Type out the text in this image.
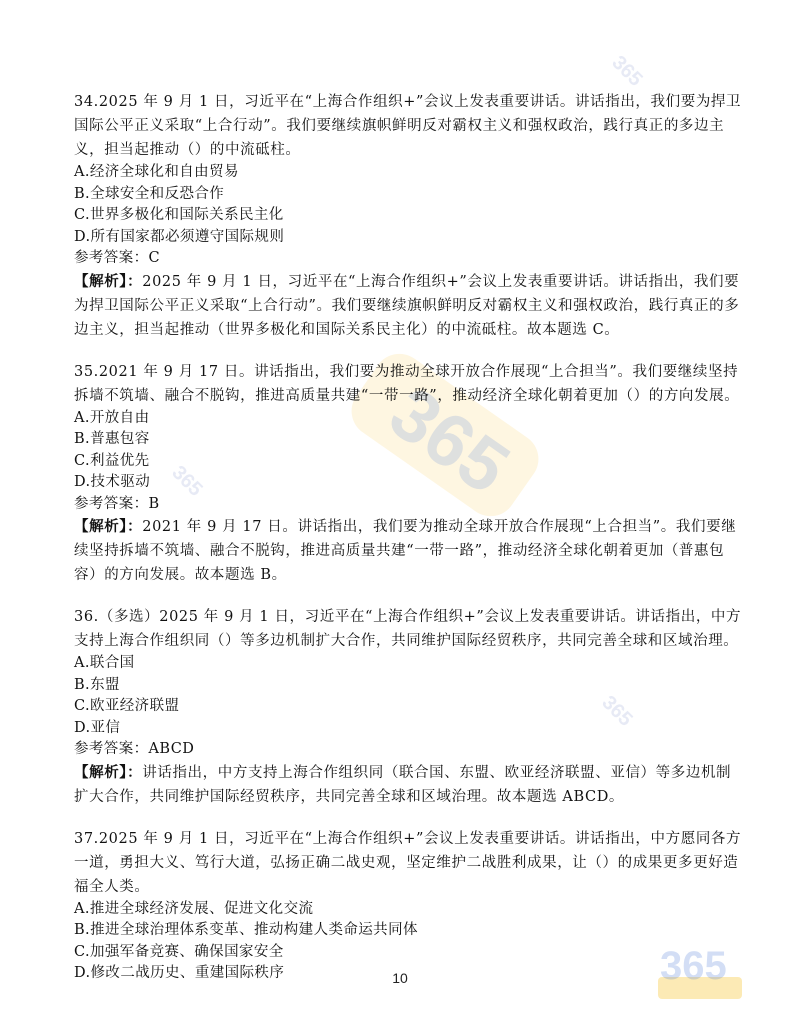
365
365
365
365
365

34.2025 年 9 月 1 日，习近平在“上海合作组织+”会议上发表重要讲话。讲话指出，我们要为捍卫国际公平正义采取“上合行动”。我们要继续旗帜鲜明反对霸权主义和强权政治，践行真正的多边主义，担当起推动（）的中流砥柱。

A.经济全球化和自由贸易

B.全球安全和反恐合作

C.世界多极化和国际关系民主化

D.所有国家都必须遵守国际规则

参考答案：C

【解析】：2025 年 9 月 1 日，习近平在“上海合作组织+”会议上发表重要讲话。讲话指出，我们要为捍卫国际公平正义采取“上合行动”。我们要继续旗帜鲜明反对霸权主义和强权政治，践行真正的多边主义，担当起推动（世界多极化和国际关系民主化）的中流砥柱。故本题选 C。

35.2021 年 9 月 17 日。讲话指出，我们要为推动全球开放合作展现“上合担当”。我们要继续坚持拆墙不筑墙、融合不脱钩，推进高质量共建“一带一路”，推动经济全球化朝着更加（）的方向发展。

A.开放自由

B.普惠包容

C.利益优先

D.技术驱动

参考答案：B

【解析】：2021 年 9 月 17 日。讲话指出，我们要为推动全球开放合作展现“上合担当”。我们要继续坚持拆墙不筑墙、融合不脱钩，推进高质量共建“一带一路”，推动经济全球化朝着更加（普惠包容）的方向发展。故本题选 B。

36.（多选）2025 年 9 月 1 日，习近平在“上海合作组织+”会议上发表重要讲话。讲话指出，中方支持上海合作组织同（）等多边机制扩大合作，共同维护国际经贸秩序，共同完善全球和区域治理。

A.联合国

B.东盟

C.欧亚经济联盟

D.亚信

参考答案：ABCD

【解析】：讲话指出，中方支持上海合作组织同（联合国、东盟、欧亚经济联盟、亚信）等多边机制扩大合作，共同维护国际经贸秩序，共同完善全球和区域治理。故本题选 ABCD。

37.2025 年 9 月 1 日，习近平在“上海合作组织+”会议上发表重要讲话。讲话指出，中方愿同各方一道，勇担大义、笃行大道，弘扬正确二战史观，坚定维护二战胜利成果，让（）的成果更多更好造福全人类。

A.推进全球经济发展、促进文化交流

B.推进全球治理体系变革、推动构建人类命运共同体

C.加强军备竞赛、确保国家安全

D.修改二战历史、重建国际秩序	10
